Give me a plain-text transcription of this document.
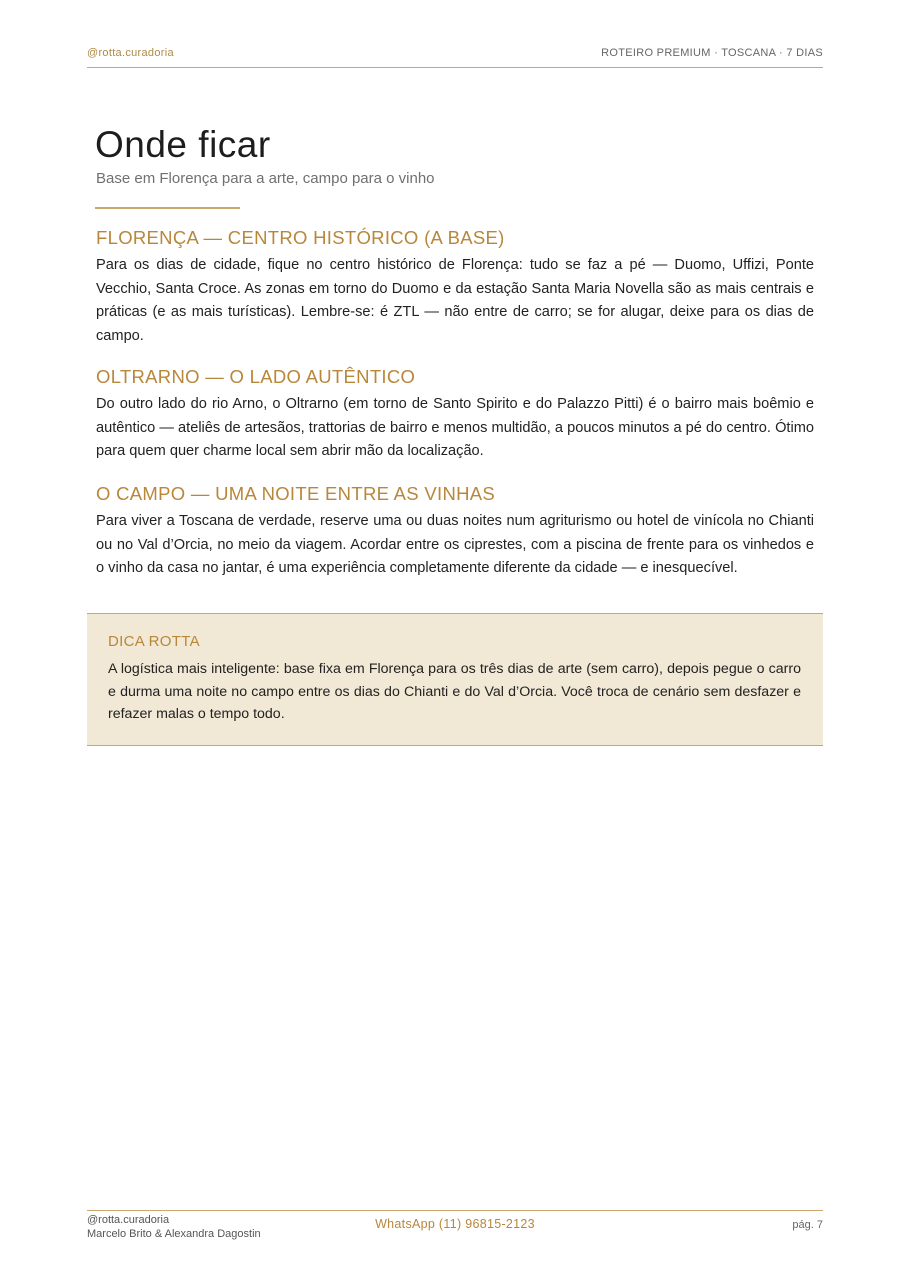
@rotta.curadoria	ROTEIRO PREMIUM · TOSCANA · 7 DIAS
Onde ficar
Base em Florença para a arte, campo para o vinho
FLORENÇA — CENTRO HISTÓRICO (A BASE)

Para os dias de cidade, fique no centro histórico de Florença: tudo se faz a pé — Duomo, Uffizi, Ponte Vecchio, Santa Croce. As zonas em torno do Duomo e da estação Santa Maria Novella são as mais centrais e práticas (e as mais turísticas). Lembre-se: é ZTL — não entre de carro; se for alugar, deixe para os dias de campo.

OLTRARNO — O LADO AUTÊNTICO

Do outro lado do rio Arno, o Oltrarno (em torno de Santo Spirito e do Palazzo Pitti) é o bairro mais boêmio e autêntico — ateliês de artesãos, trattorias de bairro e menos multidão, a poucos minutos a pé do centro. Ótimo para quem quer charme local sem abrir mão da localização.

O CAMPO — UMA NOITE ENTRE AS VINHAS

Para viver a Toscana de verdade, reserve uma ou duas noites num agriturismo ou hotel de vinícola no Chianti ou no Val d’Orcia, no meio da viagem. Acordar entre os ciprestes, com a piscina de frente para os vinhedos e o vinho da casa no jantar, é uma experiência completamente diferente da cidade — e inesquecível.

DICA ROTTA
A logística mais inteligente: base fixa em Florença para os três dias de arte (sem carro), depois pegue o carro e durma uma noite no campo entre os dias do Chianti e do Val d’Orcia. Você troca de cenário sem desfazer e refazer malas o tempo todo.
@rotta.curadoria
Marcelo Brito & Alexandra Dagostin
WhatsApp (11) 96815-2123	pág. 7
